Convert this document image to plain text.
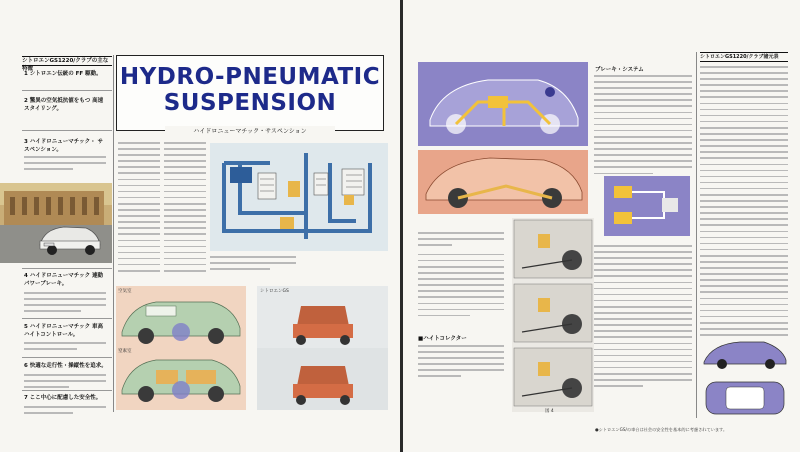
シトロエンGS1220/クラブの主な特徴
1 シトロエン伝統の FF 駆動。
2 驚異の空気抵抗値をもつ 高速スタイリング。
3 ハイドロニューマチック・ サスペンション。
4 ハイドロニューマチック 連動パワーブレーキ。
5 ハイドロニューマチック 車高ハイトコントロール。
6 快適な走行性・操縦性を追求。
7 ここ中心に配慮した安全性。
HYDRO-PNEUMATIC
SUSPENSION
ハイドロニューマチック・サスペンション
空気室
窒素室
シトロエンGS
ブレーキ・システム
シトロエンGS1220/クラブ諸元表
■ハイトコレクター
図 4
●シトロエンGS/の車台は社会の安全性を基本的に考慮されています。
